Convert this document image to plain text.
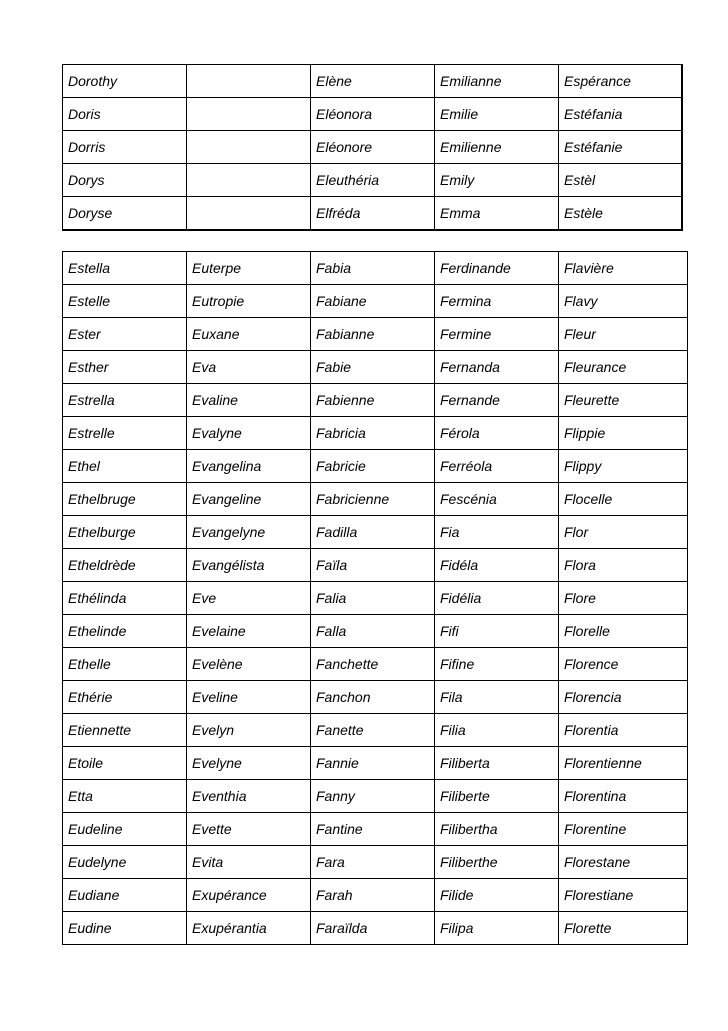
Dorothy		Elène	Emilianne	Espérance
Doris		Eléonora	Emilie	Estéfania
Dorris		Eléonore	Emilienne	Estéfanie
Dorys		Eleuthéria	Emily	Estèl
Doryse		Elfréda	Emma	Estèle
Estella	Euterpe	Fabia	Ferdinande	Flavière
Estelle	Eutropie	Fabiane	Fermina	Flavy
Ester	Euxane	Fabianne	Fermine	Fleur
Esther	Eva	Fabie	Fernanda	Fleurance
Estrella	Evaline	Fabienne	Fernande	Fleurette
Estrelle	Evalyne	Fabricia	Férola	Flippie
Ethel	Evangelina	Fabricie	Ferréola	Flippy
Ethelbruge	Evangeline	Fabricienne	Fescénia	Flocelle
Ethelburge	Evangelyne	Fadilla	Fia	Flor
Etheldrède	Evangélista	Faïla	Fidéla	Flora
Ethélinda	Eve	Falia	Fidélia	Flore
Ethelinde	Evelaine	Falla	Fifi	Florelle
Ethelle	Evelène	Fanchette	Fifine	Florence
Ethérie	Eveline	Fanchon	Fila	Florencia
Etiennette	Evelyn	Fanette	Filia	Florentia
Etoile	Evelyne	Fannie	Filiberta	Florentienne
Etta	Eventhia	Fanny	Filiberte	Florentina
Eudeline	Evette	Fantine	Filibertha	Florentine
Eudelyne	Evita	Fara	Filiberthe	Florestane
Eudiane	Exupérance	Farah	Filide	Florestiane
Eudine	Exupérantia	Faraïlda	Filipa	Florette
